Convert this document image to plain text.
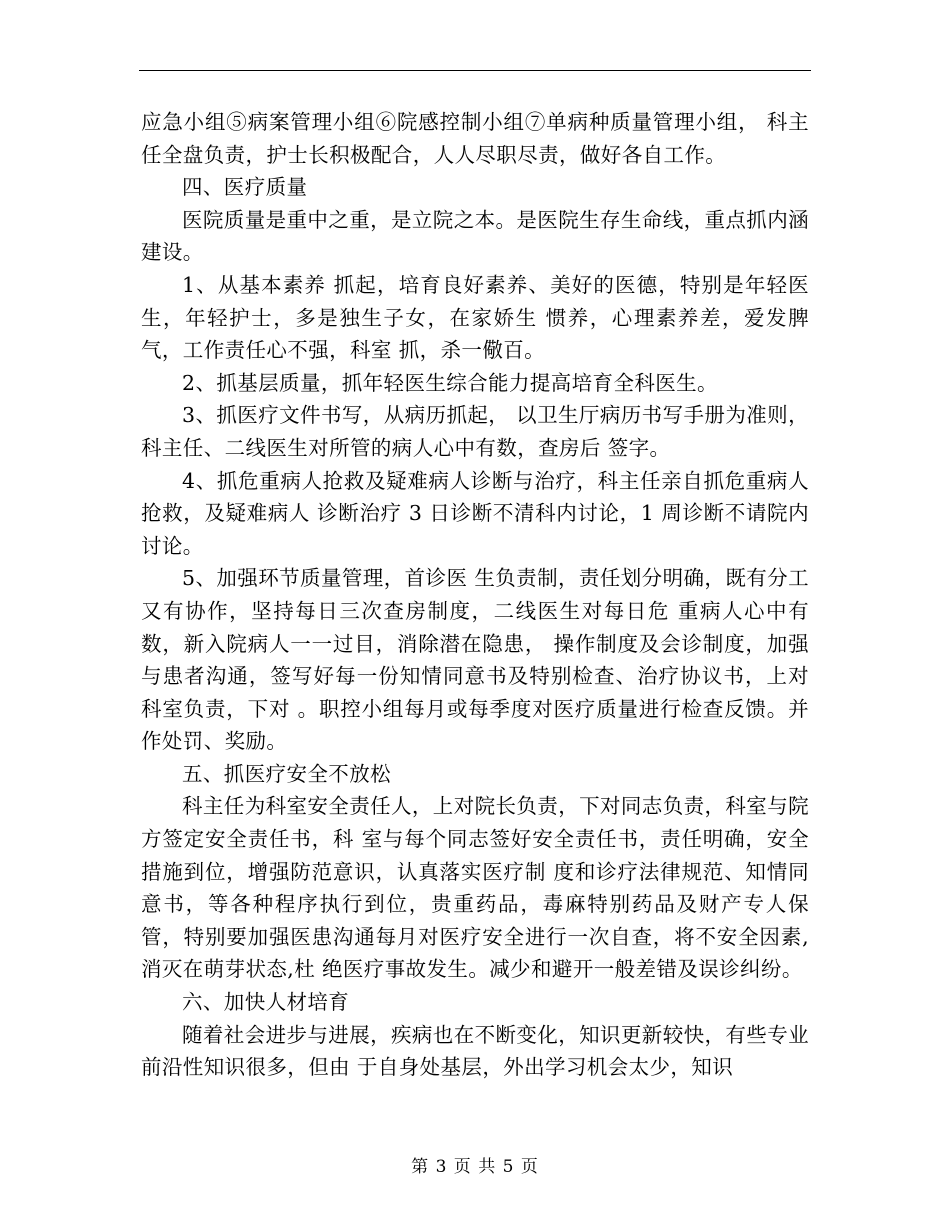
应急小组⑤病案管理小组⑥院感控制小组⑦单病种质量管理小组， 科主 任全盘负责，护士长积极配合，人人尽职尽责，做好各自工作。

四、医疗质量

医院质量是重中之重，是立院之本。是医院生存生命线，重点抓内涵建设。

1、从基本素养 抓起，培育良好素养、美好的医德，特别是年轻医生，年轻护士，多是独生子女，在家娇生 惯养，心理素养差，爱发脾气，工作责任心不强，科室 抓，杀一儆百。

2、抓基层质量，抓年轻医生综合能力提高培育全科医生。

3、抓医疗文件书写，从病历抓起， 以卫生厅病历书写手册为准则，科主任、二线医生对所管的病人心中有数，查房后 签字。

4、抓危重病人抢救及疑难病人诊断与治疗，科主任亲自抓危重病人抢救，及疑难病人 诊断治疗 3 日诊断不清科内讨论，1 周诊断不请院内讨论。

5、加强环节质量管理，首诊医 生负责制，责任划分明确，既有分工又有协作，坚持每日三次查房制度，二线医生对每日危 重病人心中有数，新入院病人一一过目，消除潜在隐患， 操作制度及会诊制度，加强与患者沟通，签写好每一份知情同意书及特别检查、治疗协议书，上对科室负责，下对 。职控小组每月或每季度对医疗质量进行检查反馈。并作处罚、奖励。

五、抓医疗安全不放松

科主任为科室安全责任人，上对院长负责，下对同志负责，科室与院方签定安全责任书，科 室与每个同志签好安全责任书，责任明确，安全措施到位，增强防范意识，认真落实医疗制 度和诊疗法律规范、知情同意书，等各种程序执行到位，贵重药品，毒麻特别药品及财产专人保 管，特别要加强医患沟通每月对医疗安全进行一次自查，将不安全因素,消灭在萌芽状态,杜 绝医疗事故发生。减少和避开一般差错及误诊纠纷。

六、加快人材培育

随着社会进步与进展，疾病也在不断变化，知识更新较快，有些专业前沿性知识很多，但由 于自身处基层，外出学习机会太少，知识

第 3 页 共 5 页
